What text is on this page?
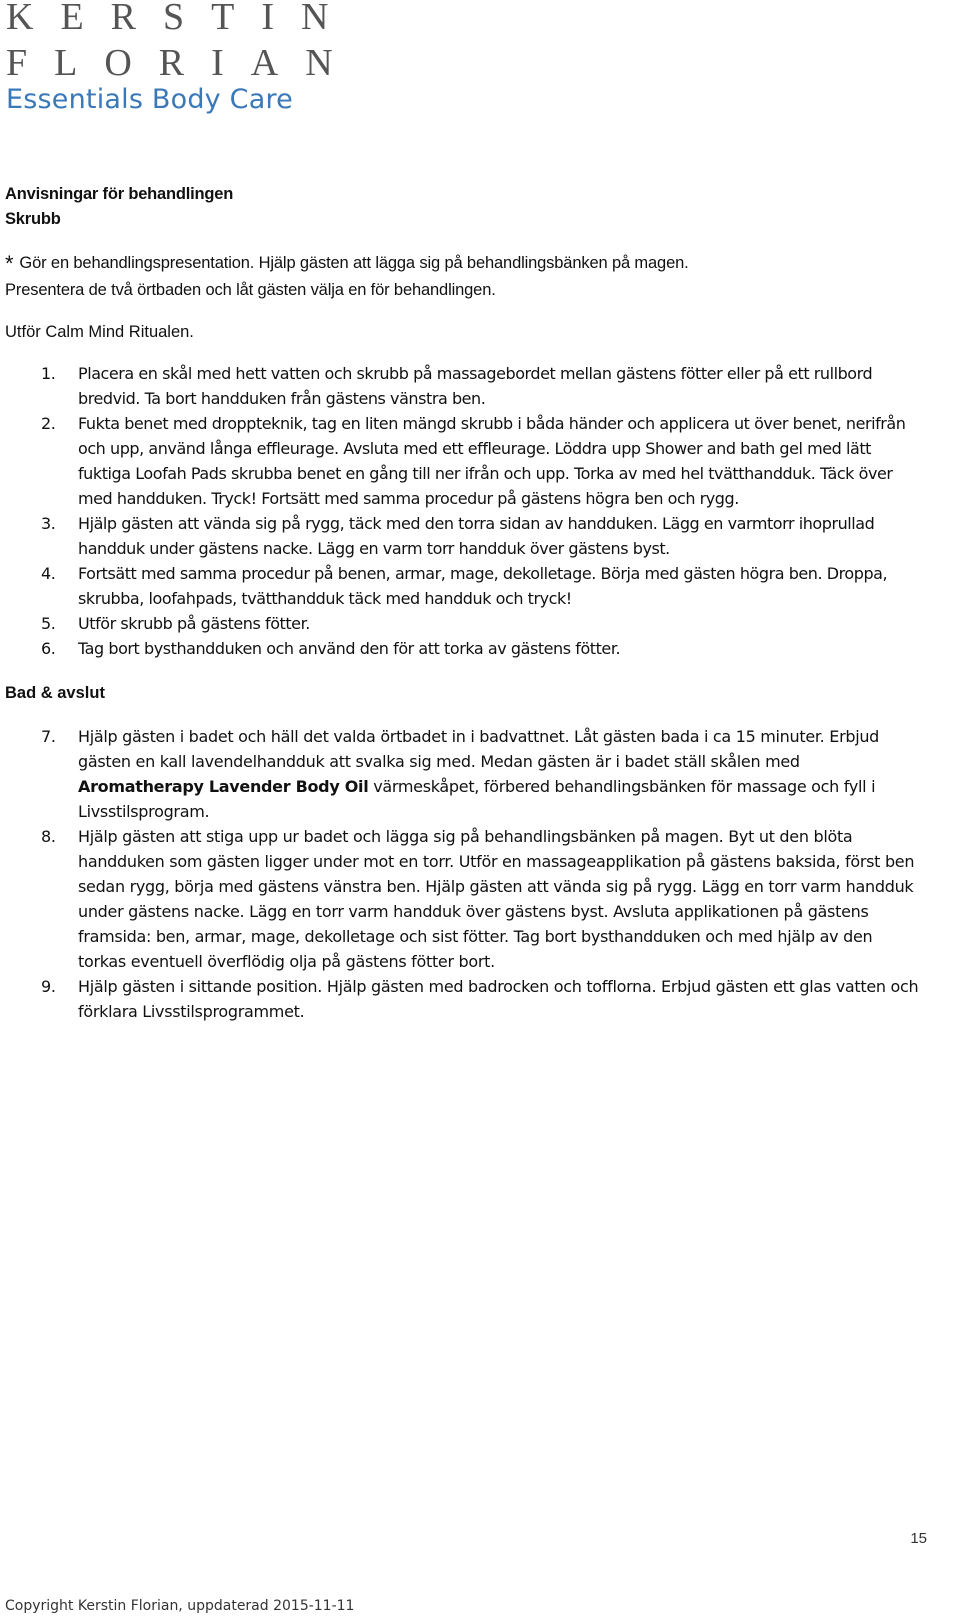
KERSTIN
FLORIAN
Essentials Body Care
Anvisningar för behandlingen
Skrubb
* Gör en behandlingspresentation. Hjälp gästen att lägga sig på behandlingsbänken på magen.
Presentera de två örtbaden och låt gästen välja en för behandlingen.
Utför Calm Mind Ritualen.
1. Placera en skål med hett vatten och skrubb på massagebordet mellan gästens fötter eller på ett rullbord bredvid. Ta bort handduken från gästens vänstra ben.
2. Fukta benet med droppteknik, tag en liten mängd skrubb i båda händer och applicera ut över benet, nerifrån och upp, använd långa effleurage. Avsluta med ett effleurage. Löddra upp Shower and bath gel med lätt fuktiga Loofah Pads skrubba benet en gång till ner ifrån och upp. Torka av med hel tvätthandduk. Täck över med handduken. Tryck! Fortsätt med samma procedur på gästens högra ben och rygg.
3. Hjälp gästen att vända sig på rygg, täck med den torra sidan av handduken. Lägg en varmtorr ihoprullad handduk under gästens nacke. Lägg en varm torr handduk över gästens byst.
4. Fortsätt med samma procedur på benen, armar, mage, dekolletage. Börja med gästen högra ben. Droppa, skrubba, loofahpads, tvätthandduk täck med handduk och tryck!
5. Utför skrubb på gästens fötter.
6. Tag bort bysthandduken och använd den för att torka av gästens fötter.
Bad & avslut
7. Hjälp gästen i badet och häll det valda örtbadet in i badvattnet. Låt gästen bada i ca 15 minuter. Erbjud gästen en kall lavendelhandduk att svalka sig med. Medan gästen är i badet ställ skålen med Aromatherapy Lavender Body Oil värmeskåpet, förbered behandlingsbänken för massage och fyll i Livsstilsprogram.
8. Hjälp gästen att stiga upp ur badet och lägga sig på behandlingsbänken på magen. Byt ut den blöta handduken som gästen ligger under mot en torr. Utför en massageapplikation på gästens baksida, först ben sedan rygg, börja med gästens vänstra ben. Hjälp gästen att vända sig på rygg. Lägg en torr varm handduk under gästens nacke. Lägg en torr varm handduk över gästens byst. Avsluta applikationen på gästens framsida: ben, armar, mage, dekolletage och sist fötter. Tag bort bysthandduken och med hjälp av den torkas eventuell överflödig olja på gästens fötter bort.
9. Hjälp gästen i sittande position. Hjälp gästen med badrocken och tofflorna. Erbjud gästen ett glas vatten och förklara Livsstilsprogrammet.
15
Copyright Kerstin Florian, uppdaterad 2015-11-11
